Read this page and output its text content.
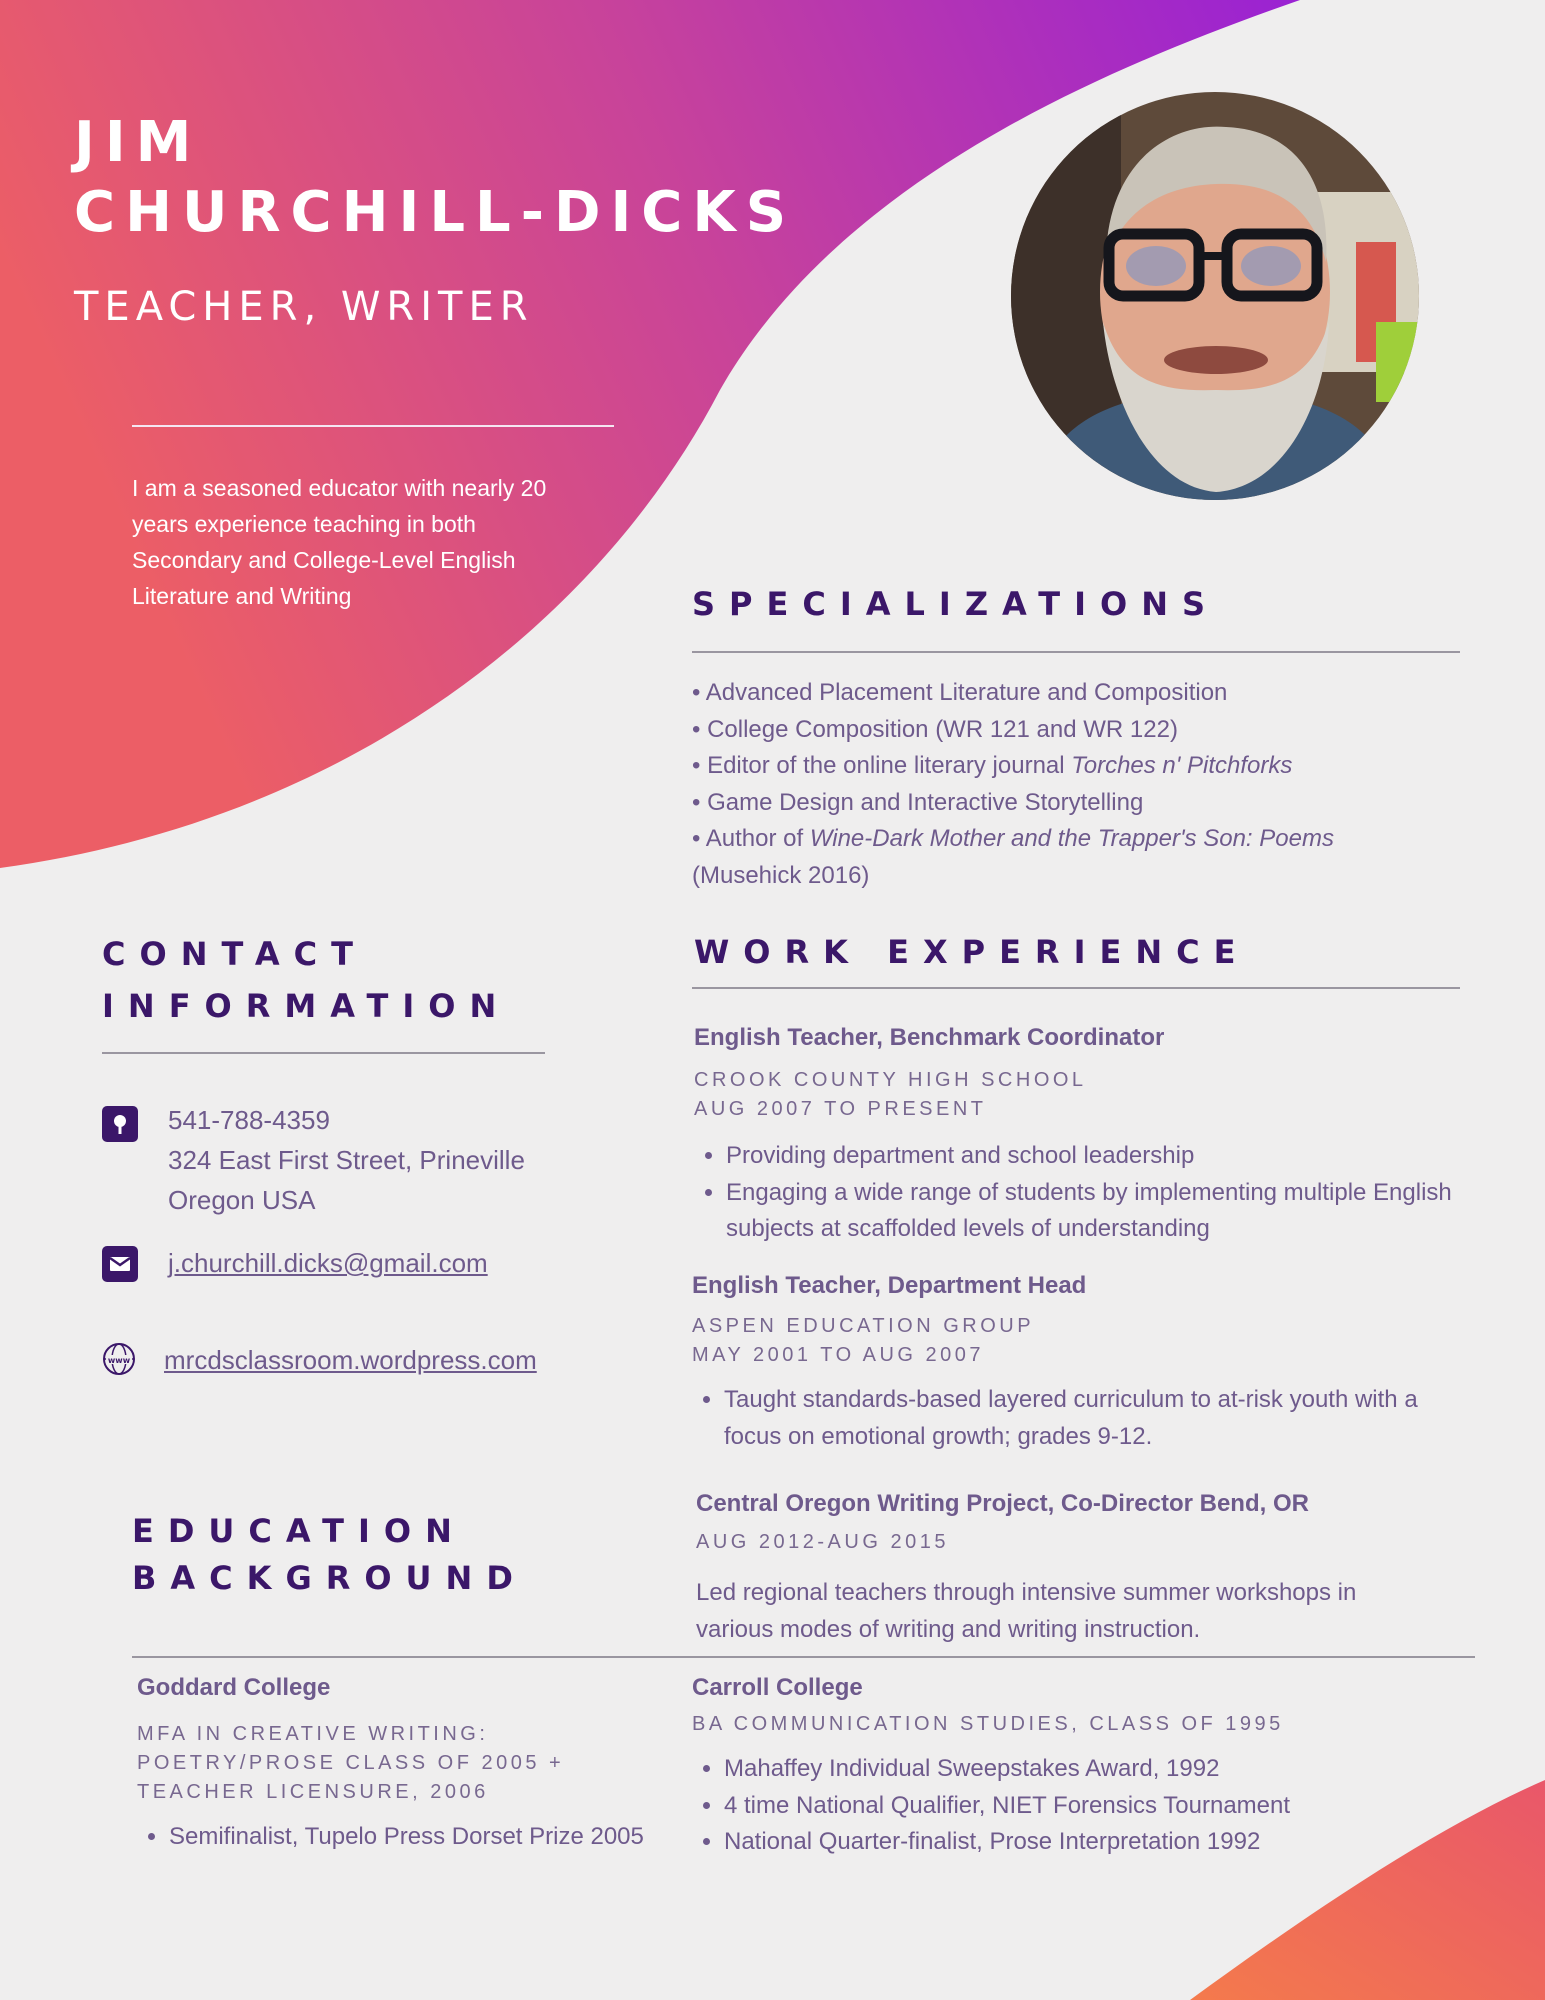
JIM
CHURCHILL-DICKS
TEACHER, WRITER
I am a seasoned educator with nearly 20 years experience teaching in both Secondary and College-Level English Literature and Writing	SPECIALIZATIONS
• Advanced Placement Literature and Composition
• College Composition (WR 121 and WR 122)
• Editor of the online literary journal Torches n' Pitchforks
• Game Design and Interactive Storytelling
• Author of Wine-Dark Mother and the Trapper's Son: Poems
(Musehick 2016)
CONTACT
INFORMATION
541-788-4359
324 East First Street, Prineville
Oregon USA
j.churchill.dicks@gmail.com
www mrcdsclassroom.wordpress.com
WORK EXPERIENCE
English Teacher, Benchmark Coordinator
CROOK COUNTY HIGH SCHOOL
AUG 2007 TO PRESENT
• Providing department and school leadership
• Engaging a wide range of students by implementing multiple English subjects at scaffolded levels of understanding
English Teacher, Department Head
ASPEN EDUCATION GROUP
MAY 2001 TO AUG 2007
• Taught standards-based layered curriculum to at-risk youth with a focus on emotional growth; grades 9-12.
Central Oregon Writing Project, Co-Director Bend, OR
AUG 2012-AUG 2015
Led regional teachers through intensive summer workshops in various modes of writing and writing instruction.
EDUCATION
BACKGROUND
Goddard College
MFA IN CREATIVE WRITING: POETRY/PROSE CLASS OF 2005 + TEACHER LICENSURE, 2006
• Semifinalist, Tupelo Press Dorset Prize 2005
Carroll College
BA COMMUNICATION STUDIES, CLASS OF 1995
• Mahaffey Individual Sweepstakes Award, 1992
• 4 time National Qualifier, NIET Forensics Tournament
• National Quarter-finalist, Prose Interpretation 1992
